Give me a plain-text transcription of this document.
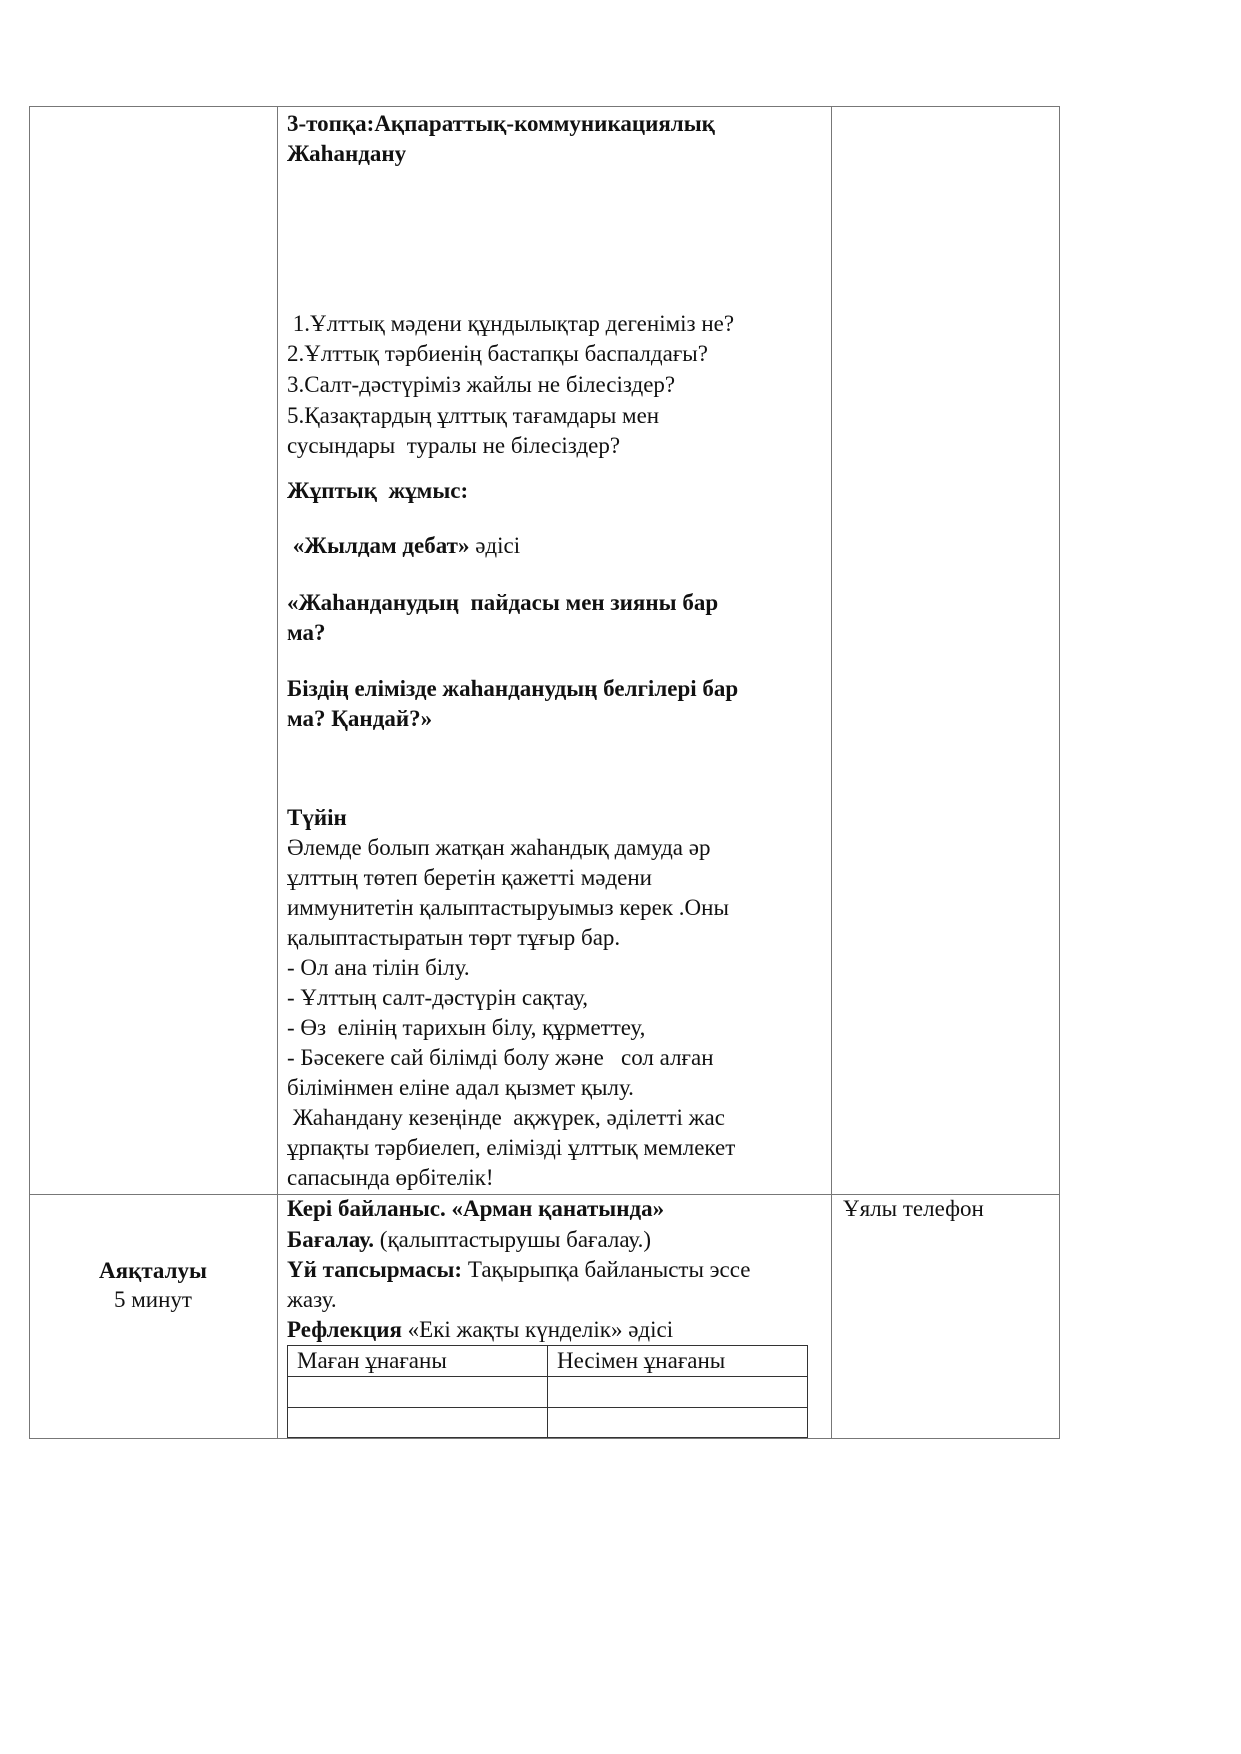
3-топқа:Ақпараттық-коммуникациялық
Жаһандану
1.Ұлттық мәдени құндылықтар дегеніміз не?
2.Ұлттық тәрбиенің бастапқы баспалдағы?
3.Салт-дәстүріміз жайлы не білесіздер?
5.Қазақтардың ұлттық тағамдары мен
сусындары  туралы не білесіздер?
Жұптық  жұмыс:
«Жылдам дебат» әдісі
«Жаһанданудың  пайдасы мен зияны бар
ма?
Біздің елімізде жаһанданудың белгілері бар
ма? Қандай?»
Түйін
Әлемде болып жатқан жаһандық дамуда әр
ұлттың төтеп беретін қажетті мәдени
иммунитетін қалыптастыруымыз керек .Оны
қалыптастыратын төрт тұғыр бар.
- Ол ана тілін білу.
- Ұлттың салт-дәстүрін сақтау,
- Өз  елінің тарихын білу, құрметтеу,
- Бәсекеге сай білімді болу және   сол алған
білімінмен еліне адал қызмет қылу.
Жаһандану кезеңінде  ақжүрек, әділетті жас
ұрпақты тәрбиелеп, елімізді ұлттық мемлекет
сапасында өрбітелік!
Аяқталуы
5 минут
Кері байланыс. «Арман қанатында»
Бағалау. (қалыптастырушы бағалау.)
Үй тапсырмасы: Тақырыпқа байланысты эссе
жазу.
Рефлекция «Екі жақты күнделік» әдісі
Маған ұнағаны	Несімен ұнағаны
Ұялы телефон
